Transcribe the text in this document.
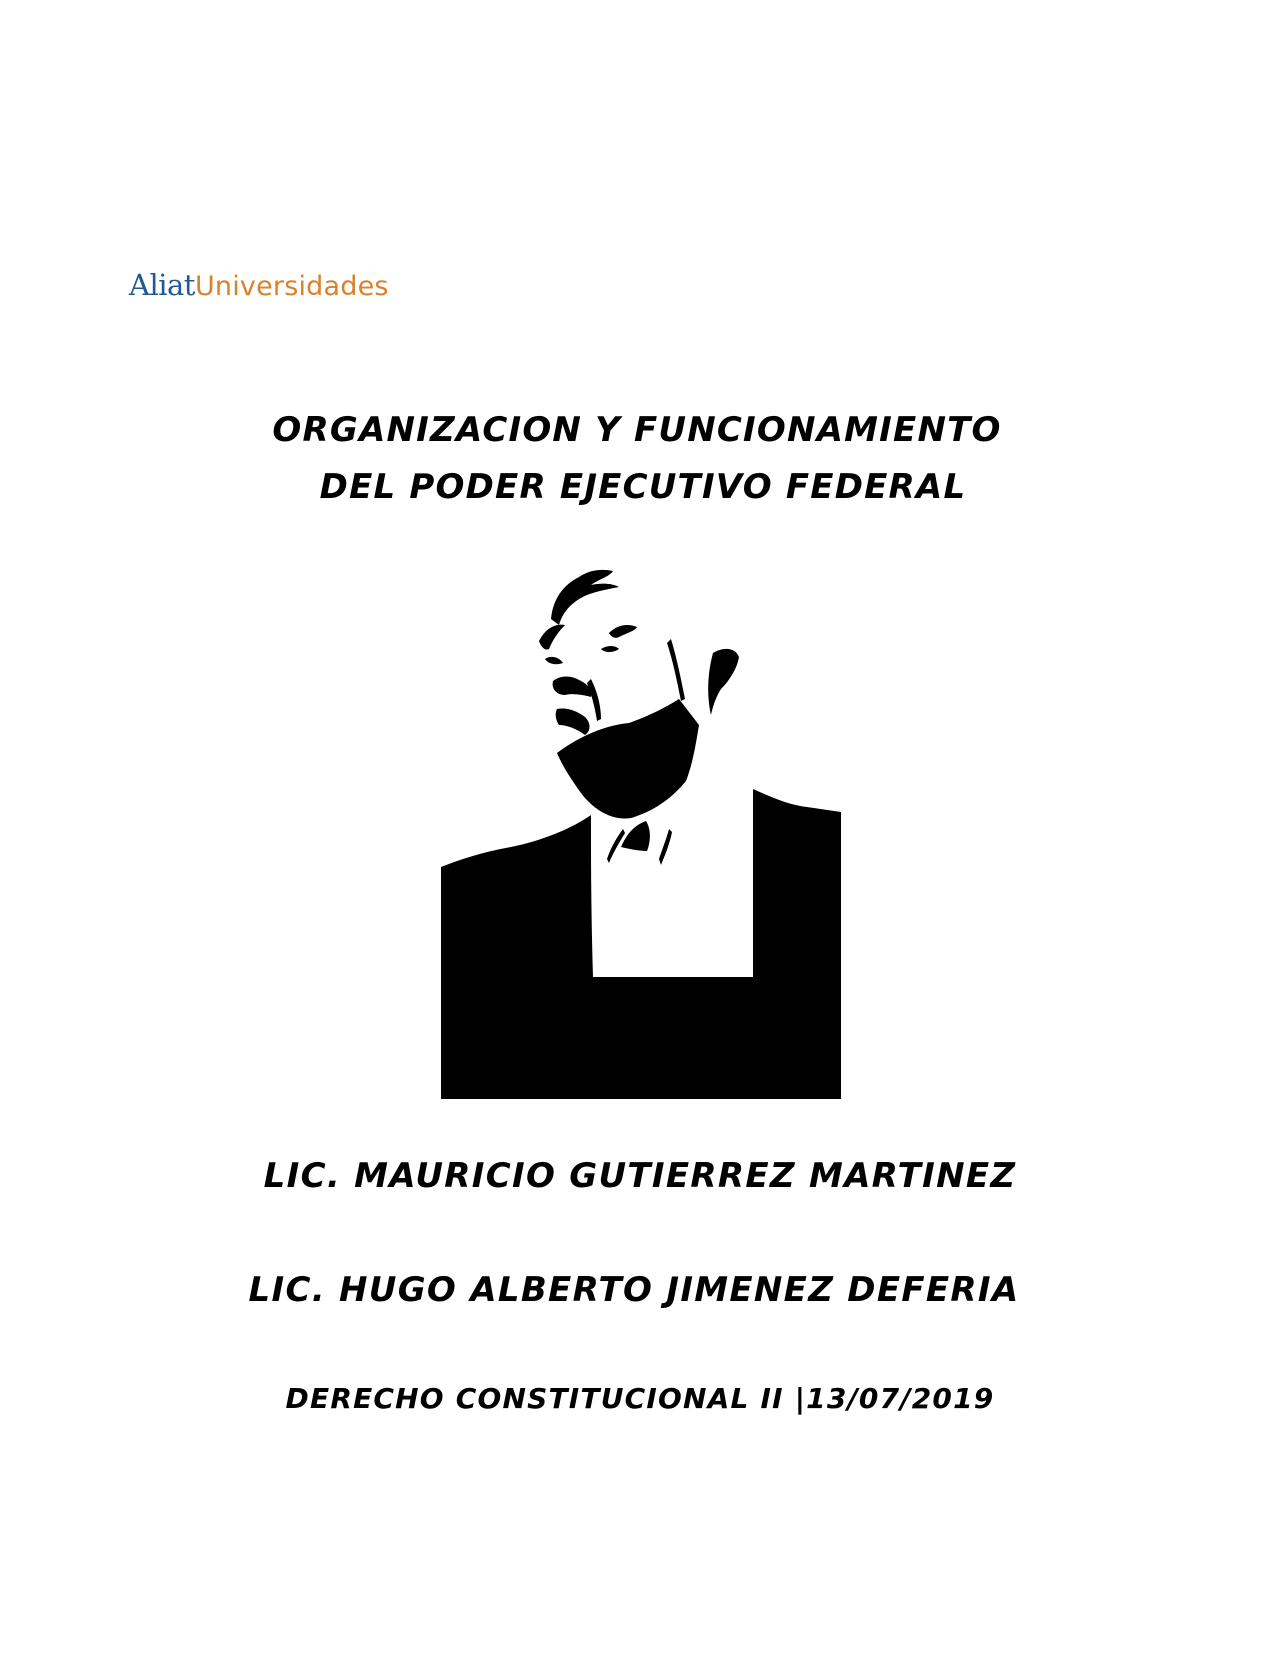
Aliat Universidades
ORGANIZACION Y FUNCIONAMIENTO
DEL PODER EJECUTIVO FEDERAL
LIC. MAURICIO GUTIERREZ MARTINEZ
LIC. HUGO ALBERTO JIMENEZ DEFERIA
DERECHO CONSTITUCIONAL II |13/07/2019
